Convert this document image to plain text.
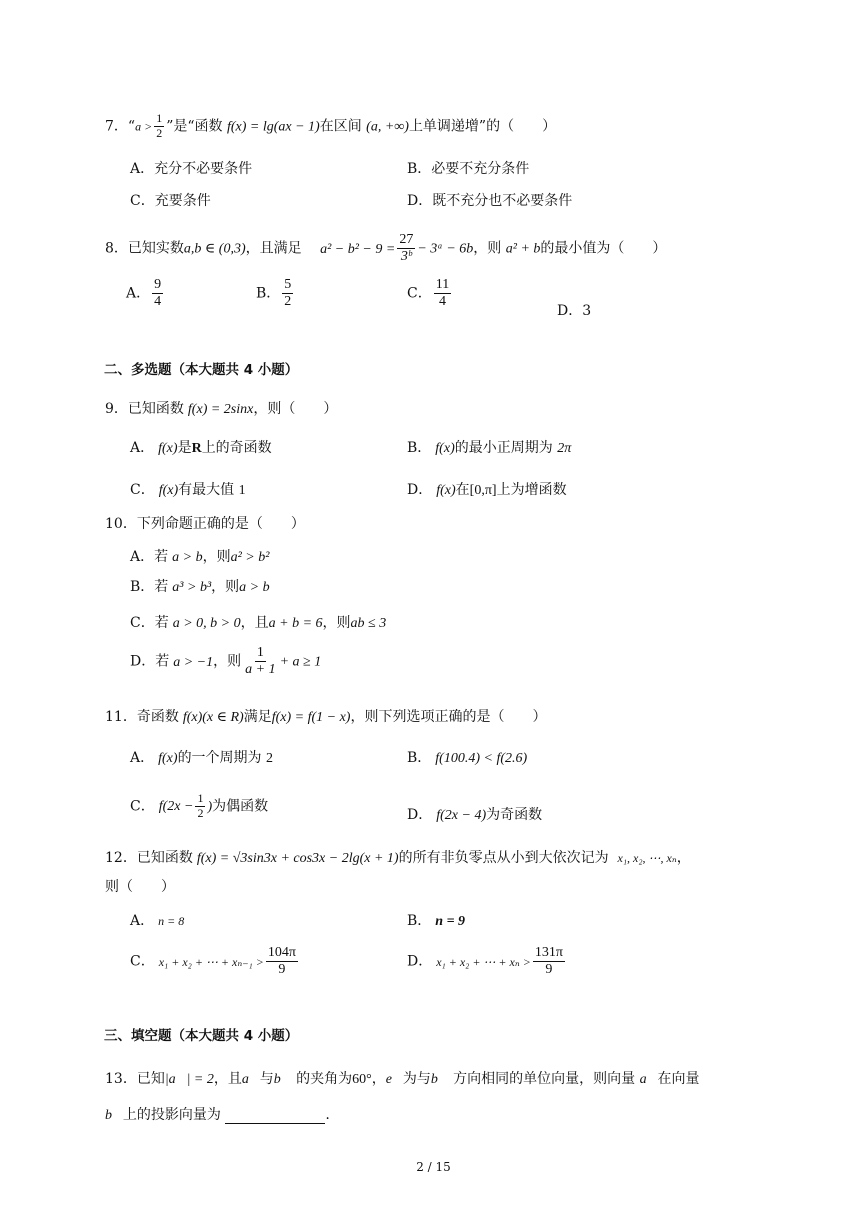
7．“$a > \frac{1}{2}$ ”是“函数 f(x) = lg(ax − 1)在区间 (a, +∞)上单调递增”的（　　）
A．充分不必要条件	B．必要不充分条件
C．充要条件	D．既不充分也不必要条件
8．已知实数a,b ∈ (0,3)，且满足 $a^2 - b^2 - 9 = \frac{27}{\text{3ᵇ}}$ − 3ᵃ − 6b，则 a² + b的最小值为（　　）
A． $\frac{9}{4}$	B． $\frac{5}{2}$	C． $\frac{11}{4}$
D．3
二、多选题（本大题共 4 小题）
9．已知函数 f(x) = 2sinx，则（　　）
A． f(x)是R上的奇函数	B． f(x)的最小正周期为 2π
C． f(x)有最大值 1	D． f(x)在[0,π]上为增函数
10．下列命题正确的是（　　）
A．若 a > b，则a² > b²
B．若 a³ > b³，则a > b
C．若 a > 0, b > 0，且a + b = 6，则ab ≤ 3
D．若 a > −1，则 $\frac{1}{a + 1} + a \ge 1$
11．奇函数 f(x)(x ∈ R)满足f(x) = f(1 − x)，则下列选项正确的是（　　）
A． f(x)的一个周期为 2	B． f(100.4) < f(2.6)
C． $f(2x - \frac{1}{2}$ )为偶函数
D． f(2x − 4)为奇函数
12．已知函数 f(x) = √3sin3x + cos3x − 2lg(x + 1)的所有非负零点从小到大依次记为 x₁, x₂, ⋯, xₙ，
则（　　）
A． n = 8	B． n = 9
C． x₁ + x₂ + ⋯ + $x_{n-1} > \frac{104\pi}{9}$	D． x₁ + x₂ + ⋯ + $x_n > \frac{131\pi}{9}$
三、填空题（本大题共 4 小题）
13．已知|a⃗| = 2，且a⃗与b⃗ 的夹角为60°，e⃗为与b⃗ 方向相同的单位向量，则向量 a⃗在向量
b⃗上的投影向量为	.
2 / 15
